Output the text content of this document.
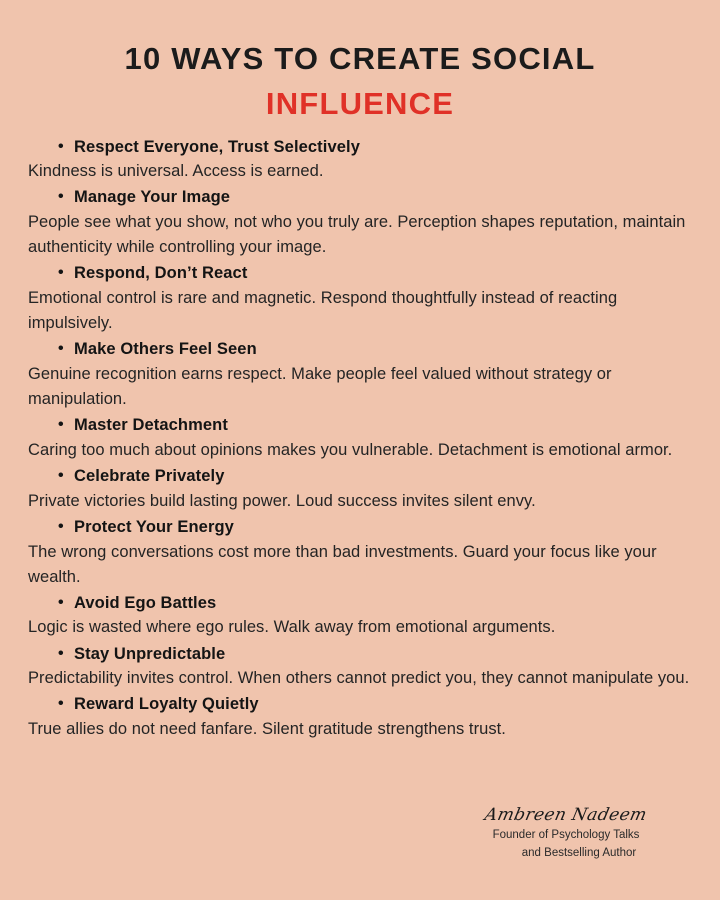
10 WAYS TO CREATE SOCIAL
INFLUENCE
• Respect Everyone, Trust Selectively
Kindness is universal. Access is earned.
• Manage Your Image
People see what you show, not who you truly are. Perception shapes reputation, maintain authenticity while controlling your image.
• Respond, Don’t React
Emotional control is rare and magnetic. Respond thoughtfully instead of reacting impulsively.
• Make Others Feel Seen
Genuine recognition earns respect. Make people feel valued without strategy or manipulation.
• Master Detachment
Caring too much about opinions makes you vulnerable. Detachment is emotional armor.
• Celebrate Privately
Private victories build lasting power. Loud success invites silent envy.
• Protect Your Energy
The wrong conversations cost more than bad investments. Guard your focus like your wealth.
• Avoid Ego Battles
Logic is wasted where ego rules. Walk away from emotional arguments.
• Stay Unpredictable
Predictability invites control. When others cannot predict you, they cannot manipulate you.
• Reward Loyalty Quietly
True allies do not need fanfare. Silent gratitude strengthens trust.
Ambreen Nadeem
Founder of Psychology Talks
and Bestselling Author
